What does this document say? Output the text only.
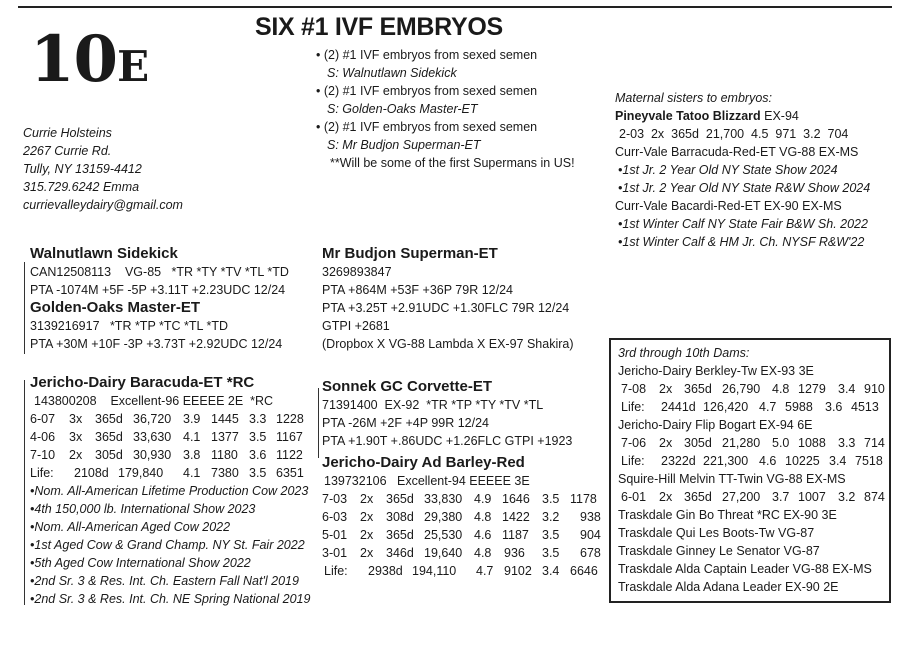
10E
SIX #1 IVF EMBRYOS
• (2) #1 IVF embryos from sexed semen
S: Walnutlawn Sidekick
• (2) #1 IVF embryos from sexed semen
S: Golden-Oaks Master-ET
• (2) #1 IVF embryos from sexed semen
S: Mr Budjon Superman-ET
**Will be some of the first Supermans in US!
Currie Holsteins
2267 Currie Rd.
Tully, NY 13159-4412
315.729.6242 Emma
currievalleydairy@gmail.com
Maternal sisters to embryos:
Pineyvale Tatoo Blizzard EX-94
2-03  2x  365d  21,700  4.5  971  3.2  704
Curr-Vale Barracuda-Red-ET VG-88 EX-MS
•1st Jr. 2 Year Old NY State Show 2024
•1st Jr. 2 Year Old NY State R&W Show 2024
Curr-Vale Bacardi-Red-ET EX-90 EX-MS
•1st Winter Calf NY State Fair B&W Sh. 2022
•1st Winter Calf & HM Jr. Ch. NYSF R&W'22
Walnutlawn Sidekick
CAN12508113    VG-85   *TR *TY *TV *TL *TD
PTA -1074M +5F -5P +3.11T +2.23UDC 12/24
Golden-Oaks Master-ET
3139216917   *TR *TP *TC *TL *TD
PTA +30M +10F -3P +3.73T +2.92UDC 12/24
Jericho-Dairy Baracuda-ET *RC
143800208    Excellent-96 EEEEE 2E  *RC
6-07	3x	365d 36,720 3.9 1445 3.3 1228
4-06	3x	365d 33,630 4.1 1377 3.5 1167
7-10	2x	305d 30,930 3.8 1180 3.6 1122
Life:	2108d 179,840	4.1 7380 3.5 6351
•Nom. All-American Lifetime Production Cow 2023
•4th 150,000 lb. International Show 2023
•Nom. All-American Aged Cow 2022
•1st Aged Cow & Grand Champ. NY St. Fair 2022
•5th Aged Cow International Show 2022
•2nd Sr. 3 & Res. Int. Ch. Eastern Fall Nat'l 2019
•2nd Sr. 3 & Res. Int. Ch. NE Spring National 2019
Mr Budjon Superman-ET
3269893847
PTA +864M +53F +36P 79R 12/24
PTA +3.25T +2.91UDC +1.30FLC 79R 12/24
GTPI +2681
(Dropbox X VG-88 Lambda X EX-97 Shakira)
Sonnek GC Corvette-ET
71391400  EX-92  *TR *TP *TY *TV *TL
PTA -26M +2F +4P 99R 12/24
PTA +1.90T +.86UDC +1.26FLC GTPI +1923
Jericho-Dairy Ad Barley-Red
139732106   Excellent-94 EEEEE 3E
7-03	2x	365d 33,830 4.9 1646 3.5 1178
6-03	2x	308d 29,380 4.8 1422 3.2	938
5-01	2x	365d 25,530 4.6 1187	3.5	904
3-01	2x	346d 19,640 4.8	936	3.5	678
Life:	2938d 194,110	4.7 9102 3.4 6646
3rd through 10th Dams:
Jericho-Dairy Berkley-Tw EX-93 3E
7-08	2x 365d 26,790 4.8 1279 3.4 910
Life:	2441d 126,420 4.7 5988 3.6 4513
Jericho-Dairy Flip Bogart EX-94 6E
7-06	2x 305d 21,280 5.0 1088 3.3 714
Life:	2322d 221,300 4.6 10225 3.4 7518
Squire-Hill Melvin TT-Twin VG-88 EX-MS
6-01	2x 365d 27,200 3.7 1007 3.2 874
Traskdale Gin Bo Threat *RC EX-90 3E
Traskdale Qui Les Boots-Tw VG-87
Traskdale Ginney Le Senator VG-87
Traskdale Alda Captain Leader VG-88 EX-MS
Traskdale Alda Adana Leader EX-90 2E
